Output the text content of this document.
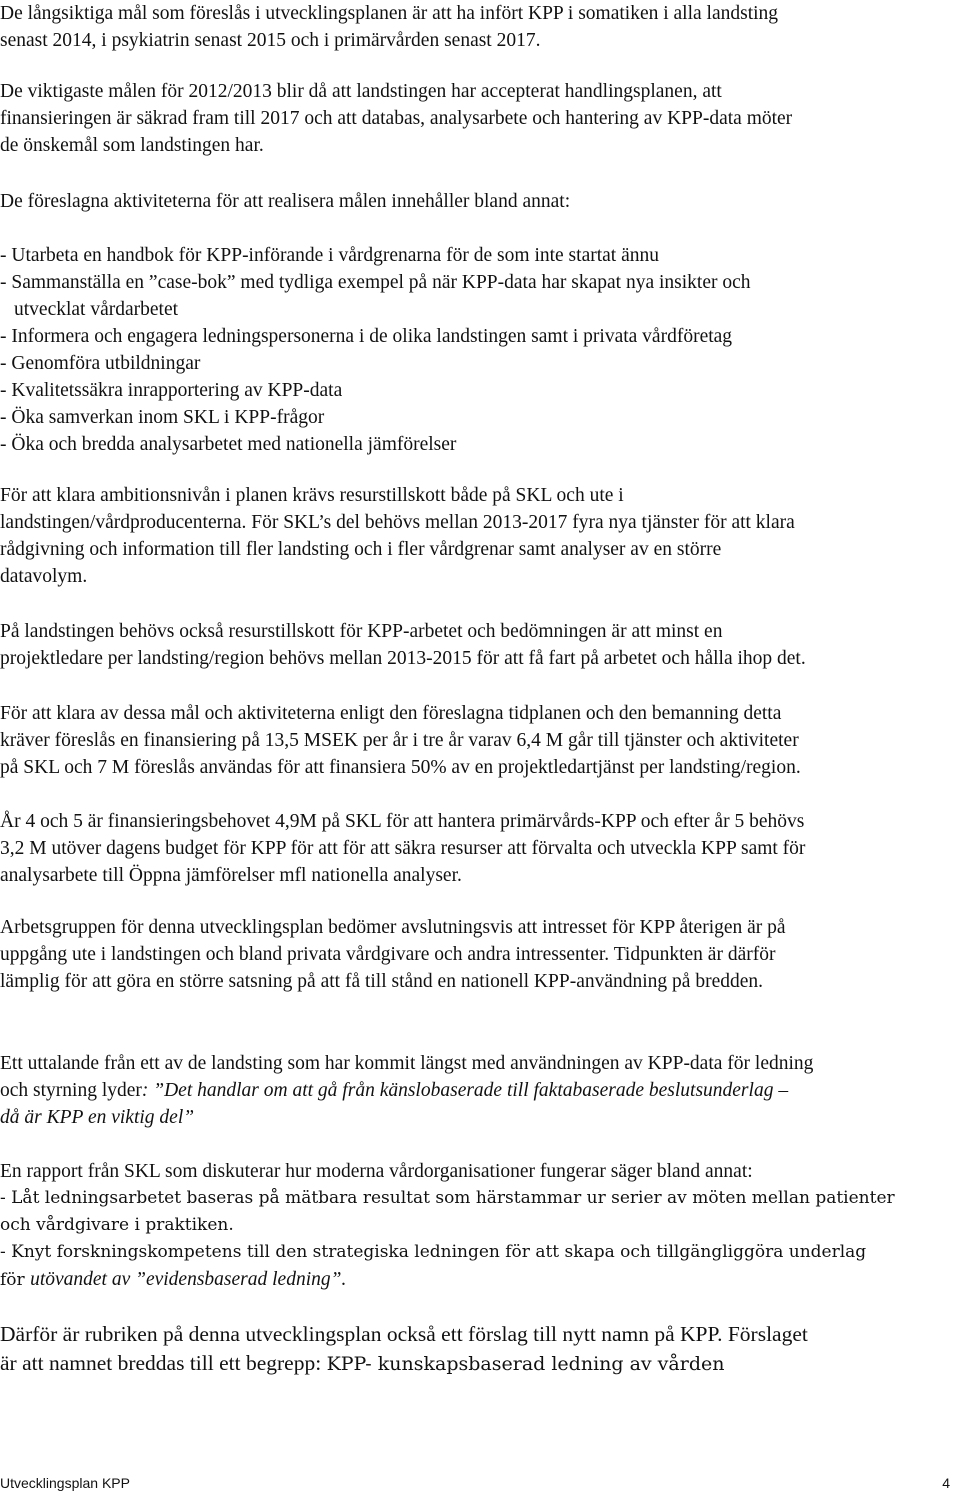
De långsiktiga mål som föreslås i utvecklingsplanen är att ha infört KPP i somatiken i alla landsting
senast 2014, i psykiatrin senast 2015 och i primärvården senast 2017.
De viktigaste målen för 2012/2013 blir då att landstingen har accepterat handlingsplanen, att
finansieringen är säkrad fram till 2017 och att databas, analysarbete och hantering av KPP-data möter
de önskemål som landstingen har.
De föreslagna aktiviteterna för att realisera målen innehåller bland annat:
- Utarbeta en handbok för KPP-införande i vårdgrenarna för de som inte startat ännu
- Sammanställa en ”case-bok” med tydliga exempel på när KPP-data har skapat nya insikter och
utvecklat vårdarbetet
- Informera och engagera ledningspersonerna i de olika landstingen samt i privata vårdföretag
- Genomföra utbildningar
- Kvalitetssäkra inrapportering av KPP-data
- Öka samverkan inom SKL i KPP-frågor
- Öka och bredda analysarbetet med nationella jämförelser
För att klara ambitionsnivån i planen krävs resurstillskott både på SKL och ute i
landstingen/vårdproducenterna. För SKL’s del behövs mellan 2013-2017 fyra nya tjänster för att klara
rådgivning och information till fler landsting och i fler vårdgrenar samt analyser av en större
datavolym.
På landstingen behövs också resurstillskott för KPP-arbetet och bedömningen är att minst en
projektledare per landsting/region behövs mellan 2013-2015 för att få fart på arbetet och hålla ihop det.
För att klara av dessa mål och aktiviteterna enligt den föreslagna tidplanen och den bemanning detta
kräver föreslås en finansiering på 13,5 MSEK per år i tre år varav 6,4 M går till tjänster och aktiviteter
på SKL och 7 M föreslås användas för att finansiera 50% av en projektledartjänst per landsting/region.
År 4 och 5 är finansieringsbehovet 4,9M på SKL för att hantera primärvårds-KPP och efter år 5 behövs
3,2 M utöver dagens budget för KPP för att för att säkra resurser att förvalta och utveckla KPP samt för
analysarbete till Öppna jämförelser mfl nationella analyser.
Arbetsgruppen för denna utvecklingsplan bedömer avslutningsvis att intresset för KPP återigen är på
uppgång ute i landstingen och bland privata vårdgivare och andra intressenter. Tidpunkten är därför
lämplig för att göra en större satsning på att få till stånd en nationell KPP-användning på bredden.
Ett uttalande från ett av de landsting som har kommit längst med användningen av KPP-data för ledning
och styrning lyder: ”Det handlar om att gå från känslobaserade till faktabaserade beslutsunderlag –
då är KPP en viktig del”
En rapport från SKL som diskuterar hur moderna vårdorganisationer fungerar säger bland annat:
- Låt ledningsarbetet baseras på mätbara resultat som härstammar ur serier av möten mellan patienter
och vårdgivare i praktiken.
- Knyt forskningskompetens till den strategiska ledningen för att skapa och tillgängliggöra underlag
för utövandet av ”evidensbaserad ledning”.
Därför är rubriken på denna utvecklingsplan också ett förslag till nytt namn på KPP. Förslaget
är att namnet breddas till ett begrepp: KPP- kunskapsbaserad ledning av vården
Utvecklingsplan KPP	4
